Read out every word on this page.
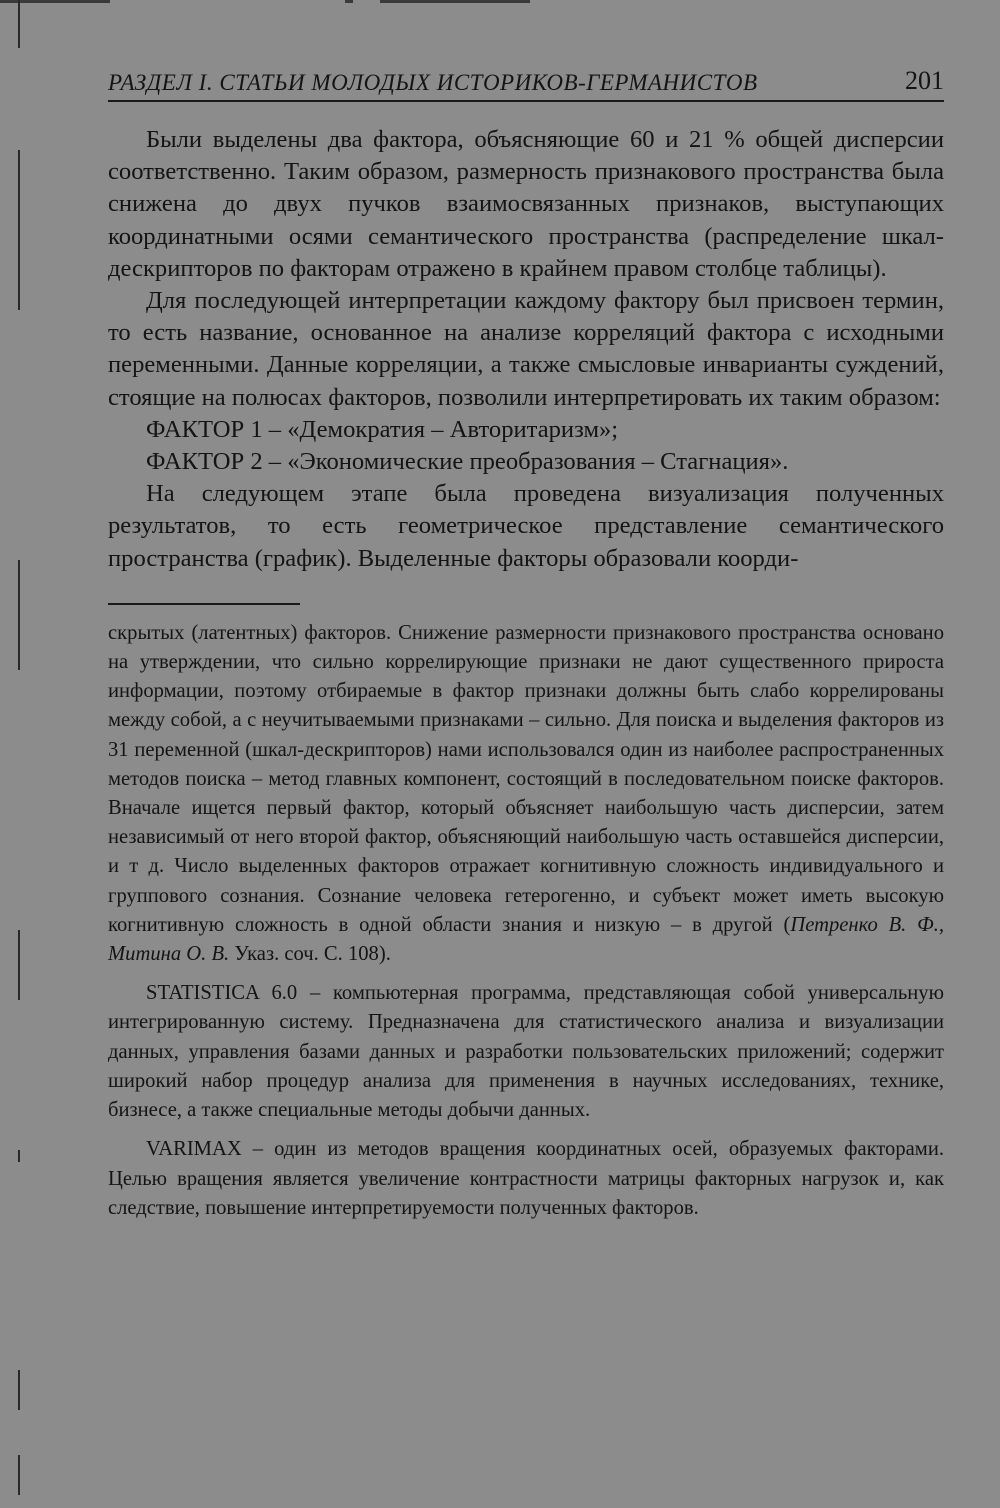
РАЗДЕЛ I. СТАТЬИ МОЛОДЫХ ИСТОРИКОВ-ГЕРМАНИСТОВ	201

Были выделены два фактора, объясняющие 60 и 21 % общей дисперсии соответственно. Таким образом, размерность признакового пространства была снижена до двух пучков взаимосвязанных признаков, выступающих координатными осями семантического пространства (распределение шкал-дескрипторов по факторам отражено в крайнем правом столбце таблицы).

Для последующей интерпретации каждому фактору был присвоен термин, то есть название, основанное на анализе корреляций фактора с исходными переменными. Данные корреляции, а также смысловые инварианты суждений, стоящие на полюсах факторов, позволили интерпретировать их таким образом:

ФАКТОР 1 – «Демократия – Авторитаризм»;

ФАКТОР 2 – «Экономические преобразования – Стагнация».

На следующем этапе была проведена визуализация полученных результатов, то есть геометрическое представление семантического пространства (график). Выделенные факторы образовали коорди-

скрытых (латентных) факторов. Снижение размерности признакового пространства основано на утверждении, что сильно коррелирующие признаки не дают существенного прироста информации, поэтому отбираемые в фактор признаки должны быть слабо коррелированы между собой, а с неучитываемыми признаками – сильно. Для поиска и выделения факторов из 31 переменной (шкал-дескрипторов) нами использовался один из наиболее распространенных методов поиска – метод главных компонент, состоящий в последовательном поиске факторов. Вначале ищется первый фактор, который объясняет наибольшую часть дисперсии, затем независимый от него второй фактор, объясняющий наибольшую часть оставшейся дисперсии, и т д. Число выделенных факторов отражает когнитивную сложность индивидуального и группового сознания. Сознание человека гетерогенно, и субъект может иметь высокую когнитивную сложность в одной области знания и низкую – в другой (Петренко В. Ф., Митина О. В. Указ. соч. С. 108).

STATISTICA 6.0 – компьютерная программа, представляющая собой универсальную интегрированную систему. Предназначена для статистического анализа и визуализации данных, управления базами данных и разработки пользовательских приложений; содержит широкий набор процедур анализа для применения в научных исследованиях, технике, бизнесе, а также специальные методы добычи данных.

VARIMAX – один из методов вращения координатных осей, образуемых факторами. Целью вращения является увеличение контрастности матрицы факторных нагрузок и, как следствие, повышение интерпретируемости полученных факторов.
